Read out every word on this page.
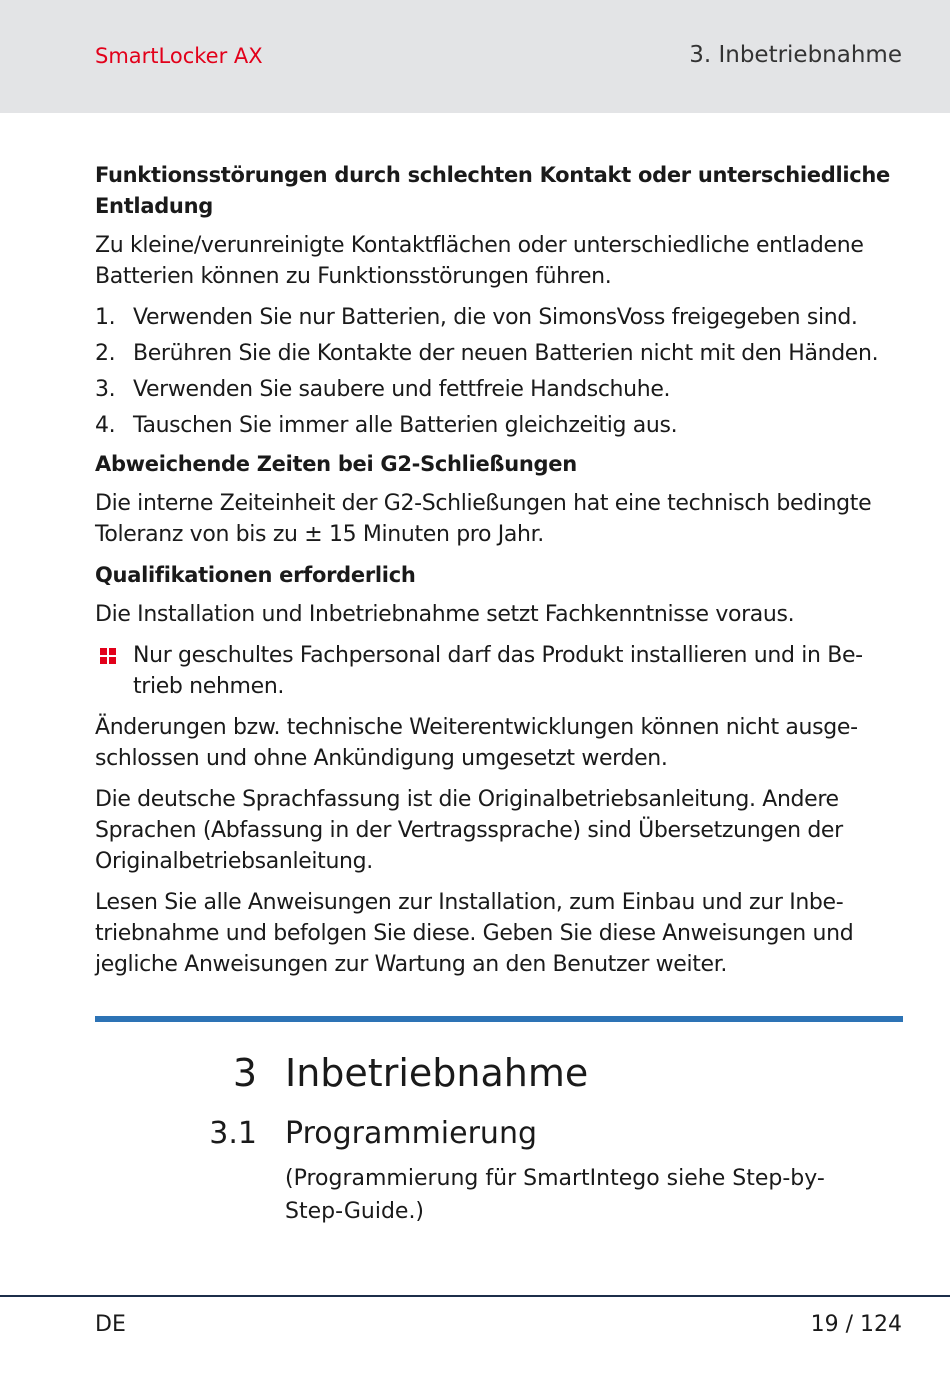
SmartLocker AX	3. Inbetriebnahme
Funktionsstörungen durch schlechten Kontakt oder unterschiedliche Entladung

Zu kleine/verunreinigte Kontaktflächen oder unterschiedliche entladene Batterien können zu Funktionsstörungen führen.

1. Verwenden Sie nur Batterien, die von SimonsVoss freigegeben sind.
2. Berühren Sie die Kontakte der neuen Batterien nicht mit den Händen.
3. Verwenden Sie saubere und fettfreie Handschuhe.
4. Tauschen Sie immer alle Batterien gleichzeitig aus.
Abweichende Zeiten bei G2-Schließungen

Die interne Zeiteinheit der G2-Schließungen hat eine technisch bedingte Toleranz von bis zu ± 15 Minuten pro Jahr.

Qualifikationen erforderlich

Die Installation und Inbetriebnahme setzt Fachkenntnisse voraus.

Nur geschultes Fachpersonal darf das Produkt installieren und in Betrieb nehmen.

Änderungen bzw. technische Weiterentwicklungen können nicht ausgeschlossen und ohne Ankündigung umgesetzt werden.

Die deutsche Sprachfassung ist die Originalbetriebsanleitung. Andere Sprachen (Abfassung in der Vertragssprache) sind Übersetzungen der Originalbetriebsanleitung.

Lesen Sie alle Anweisungen zur Installation, zum Einbau und zur Inbetriebnahme und befolgen Sie diese. Geben Sie diese Anweisungen und jegliche Anweisungen zur Wartung an den Benutzer weiter.

3 Inbetriebnahme
3.1 Programmierung
(Programmierung für SmartIntego siehe Step-by-Step-Guide.)
DE	19 / 124
